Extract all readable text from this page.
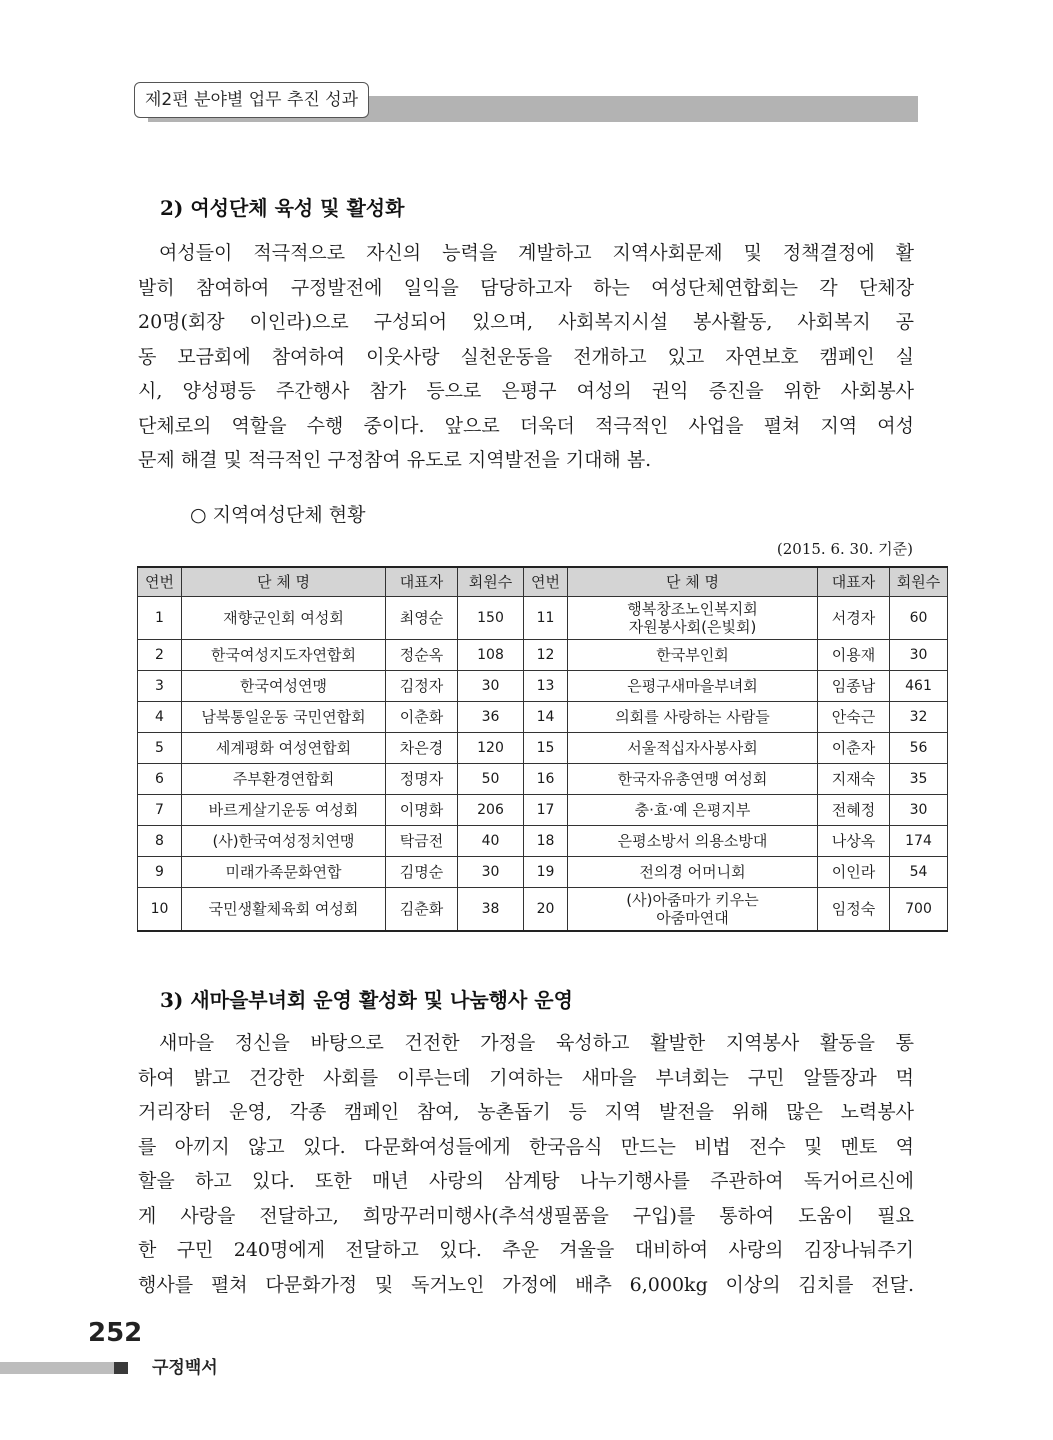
제2편 분야별 업무 추진 성과
2) 여성단체 육성 및 활성화
여성들이 적극적으로 자신의 능력을 계발하고 지역사회문제 및 정책결정에 활
발히 참여하여 구정발전에 일익을 담당하고자 하는 여성단체연합회는 각 단체장
20명(회장 이인라)으로 구성되어 있으며, 사회복지시설 봉사활동, 사회복지 공
동 모금회에 참여하여 이웃사랑 실천운동을 전개하고 있고 자연보호 캠페인 실
시, 양성평등 주간행사 참가 등으로 은평구 여성의 권익 증진을 위한 사회봉사
단체로의 역할을 수행 중이다. 앞으로 더욱더 적극적인 사업을 펼쳐 지역 여성
문제 해결 및 적극적인 구정참여 유도로 지역발전을 기대해 봄.
○ 지역여성단체 현황
(2015. 6. 30. 기준)
연번	단 체 명	대표자	회원수	연번	단 체 명	대표자	회원수
1	재향군인회 여성회	최영순	150	11	행복창조노인복지회
자원봉사회(은빛회)	서경자	60
2	한국여성지도자연합회	정순옥	108	12	한국부인회	이용재	30
3	한국여성연맹	김정자	30	13	은평구새마을부녀회	임종남	461
4	남북통일운동 국민연합회	이춘화	36	14	의회를 사랑하는 사람들	안숙근	32
5	세계평화 여성연합회	차은경	120	15	서울적십자사봉사회	이춘자	56
6	주부환경연합회	정명자	50	16	한국자유총연맹 여성회	지재숙	35
7	바르게살기운동 여성회	이명화	206	17	충·효·예 은평지부	전혜정	30
8	(사)한국여성정치연맹	탁금전	40	18	은평소방서 의용소방대	나상옥	174
9	미래가족문화연합	김명순	30	19	전의경 어머니회	이인라	54
10	국민생활체육회 여성회	김춘화	38	20	(사)아줌마가 키우는
아줌마연대	임정숙	700
3) 새마을부녀회 운영 활성화 및 나눔행사 운영
새마을 정신을 바탕으로 건전한 가정을 육성하고 활발한 지역봉사 활동을 통
하여 밝고 건강한 사회를 이루는데 기여하는 새마을 부녀회는 구민 알뜰장과 먹
거리장터 운영, 각종 캠페인 참여, 농촌돕기 등 지역 발전을 위해 많은 노력봉사
를 아끼지 않고 있다. 다문화여성들에게 한국음식 만드는 비법 전수 및 멘토 역
할을 하고 있다. 또한 매년 사랑의 삼계탕 나누기행사를 주관하여 독거어르신에
게 사랑을 전달하고, 희망꾸러미행사(추석생필품을 구입)를 통하여 도움이 필요
한 구민 240명에게 전달하고 있다. 추운 겨울을 대비하여 사랑의 김장나눠주기
행사를 펼쳐 다문화가정 및 독거노인 가정에 배추 6,000kg 이상의 김치를 전달.
252
구정백서
